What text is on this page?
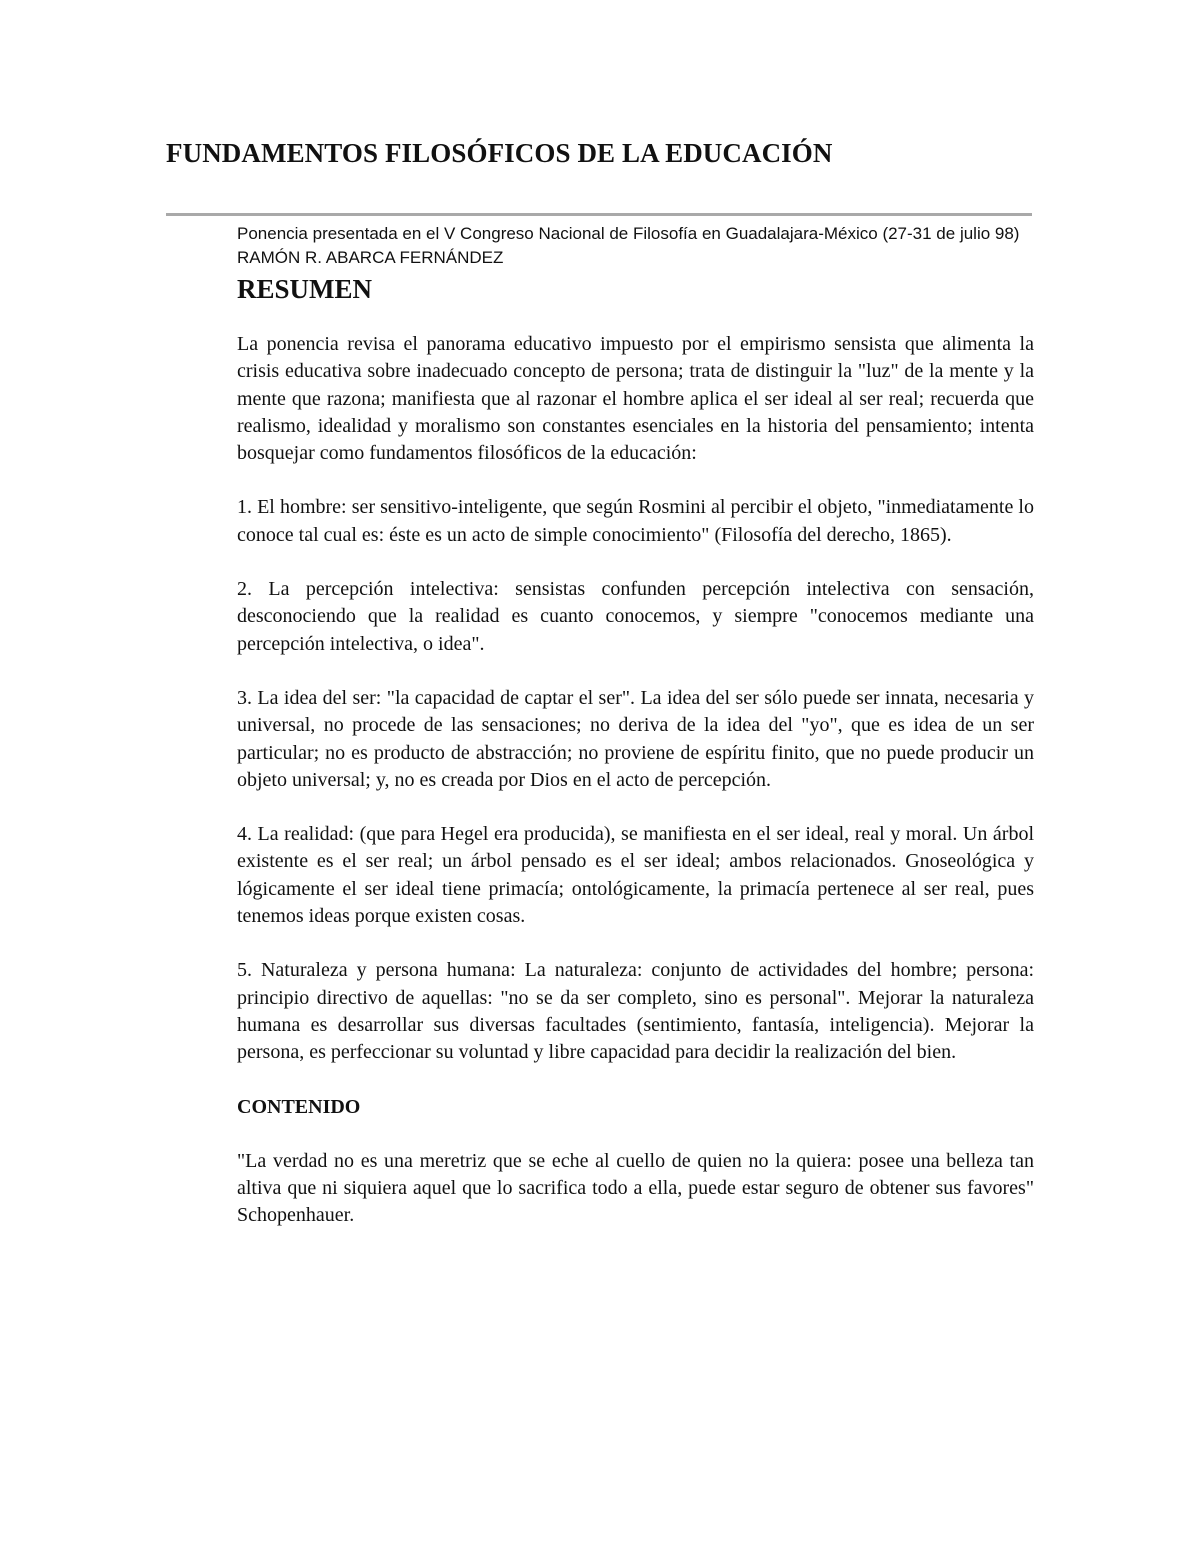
FUNDAMENTOS FILOSÓFICOS DE LA EDUCACIÓN

Ponencia presentada en el V Congreso Nacional de Filosofía en Guadalajara-México (27-31 de julio 98)

RAMÓN R. ABARCA FERNÁNDEZ

RESUMEN

La ponencia revisa el panorama educativo impuesto por el empirismo sensista que alimenta la crisis educativa sobre inadecuado concepto de persona; trata de distinguir la "luz" de la mente y la mente que razona; manifiesta que al razonar el hombre aplica el ser ideal al ser real; recuerda que realismo, idealidad y moralismo son constantes esenciales en la historia del pensamiento; intenta bosquejar como fundamentos filosóficos de la educación:

1. El hombre: ser sensitivo-inteligente, que según Rosmini al percibir el objeto, "inmediatamente lo conoce tal cual es: éste es un acto de simple conocimiento" (Filosofía del derecho, 1865).

2. La percepción intelectiva: sensistas confunden percepción intelectiva con sensación, desconociendo que la realidad es cuanto conocemos, y siempre "conocemos mediante una percepción intelectiva, o idea".

3. La idea del ser: "la capacidad de captar el ser". La idea del ser sólo puede ser innata, necesaria y universal, no procede de las sensaciones; no deriva de la idea del "yo", que es idea de un ser particular; no es producto de abstracción; no proviene de espíritu finito, que no puede producir un objeto universal; y, no es creada por Dios en el acto de percepción.

4. La realidad: (que para Hegel era producida), se manifiesta en el ser ideal, real y moral. Un árbol existente es el ser real; un árbol pensado es el ser ideal; ambos relacionados. Gnoseológica y lógicamente el ser ideal tiene primacía; ontológicamente, la primacía pertenece al ser real, pues tenemos ideas porque existen cosas.

5. Naturaleza y persona humana: La naturaleza: conjunto de actividades del hombre; persona: principio directivo de aquellas: "no se da ser completo, sino es personal". Mejorar la naturaleza humana es desarrollar sus diversas facultades (sentimiento, fantasía, inteligencia). Mejorar la persona, es perfeccionar su voluntad y libre capacidad para decidir la realización del bien.

CONTENIDO

"La verdad no es una meretriz que se eche al cuello de quien no la quiera: posee una belleza tan altiva que ni siquiera aquel que lo sacrifica todo a ella, puede estar seguro de obtener sus favores" Schopenhauer.
